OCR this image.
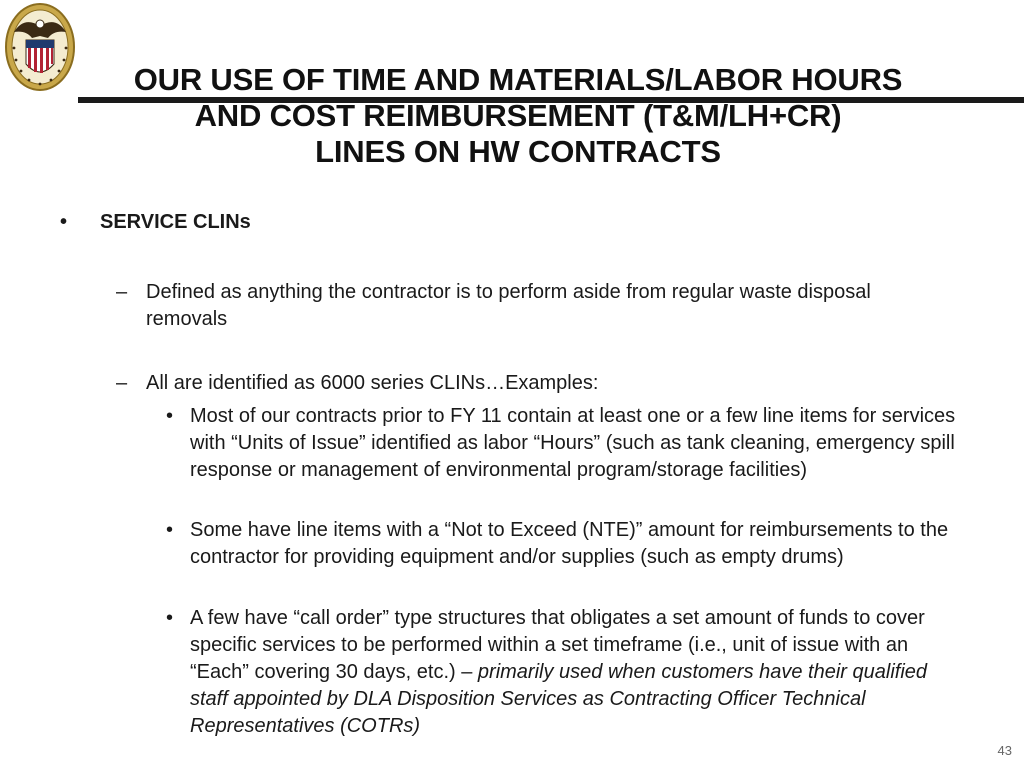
OUR USE OF TIME AND MATERIALS/LABOR HOURS
AND COST REIMBURSEMENT (T&M/LH+CR)
LINES ON HW CONTRACTS
• SERVICE CLINs
– Defined as anything the contractor is to perform aside from regular waste disposal removals
– All are identified as 6000 series CLINs…Examples:
• Most of our contracts prior to FY 11 contain at least one or a few line items for services with “Units of Issue” identified as labor “Hours” (such as tank cleaning, emergency spill response or management of environmental program/storage facilities)
• Some have line items with a “Not to Exceed (NTE)” amount for reimbursements to the contractor for providing equipment and/or supplies (such as empty drums)
• A few have “call order” type structures that obligates a set amount of funds to cover specific services to be performed within a set timeframe (i.e., unit of issue with an “Each” covering 30 days, etc.) – primarily used when customers have their qualified staff appointed by DLA Disposition Services as Contracting Officer Technical Representatives (COTRs)
43
